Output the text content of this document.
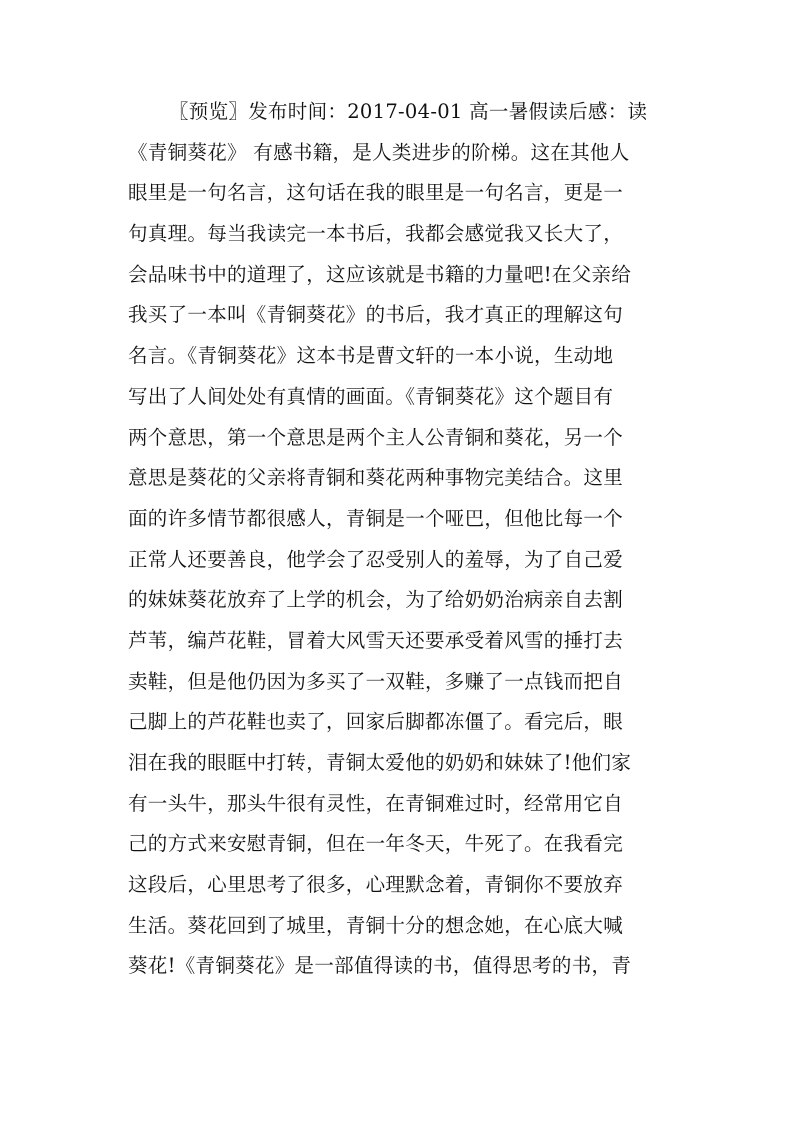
〖预览〗发布时间：2017-04-01 高一暑假读后感：读
《青铜葵花》 有感书籍，是人类进步的阶梯。这在其他人
眼里是一句名言，这句话在我的眼里是一句名言，更是一
句真理。每当我读完一本书后，我都会感觉我又长大了，
会品味书中的道理了，这应该就是书籍的力量吧!在父亲给
我买了一本叫《青铜葵花》的书后，我才真正的理解这句
名言。《青铜葵花》这本书是曹文轩的一本小说，生动地
写出了人间处处有真情的画面。《青铜葵花》这个题目有
两个意思，第一个意思是两个主人公青铜和葵花，另一个
意思是葵花的父亲将青铜和葵花两种事物完美结合。这里
面的许多情节都很感人，青铜是一个哑巴，但他比每一个
正常人还要善良，他学会了忍受别人的羞辱，为了自己爱
的妹妹葵花放弃了上学的机会，为了给奶奶治病亲自去割
芦苇，编芦花鞋，冒着大风雪天还要承受着风雪的捶打去
卖鞋，但是他仍因为多买了一双鞋，多赚了一点钱而把自
己脚上的芦花鞋也卖了，回家后脚都冻僵了。看完后，眼
泪在我的眼眶中打转，青铜太爱他的奶奶和妹妹了!他们家
有一头牛，那头牛很有灵性，在青铜难过时，经常用它自
己的方式来安慰青铜，但在一年冬天，牛死了。在我看完
这段后，心里思考了很多，心理默念着，青铜你不要放弃
生活。葵花回到了城里，青铜十分的想念她，在心底大喊
葵花!《青铜葵花》是一部值得读的书，值得思考的书，青
